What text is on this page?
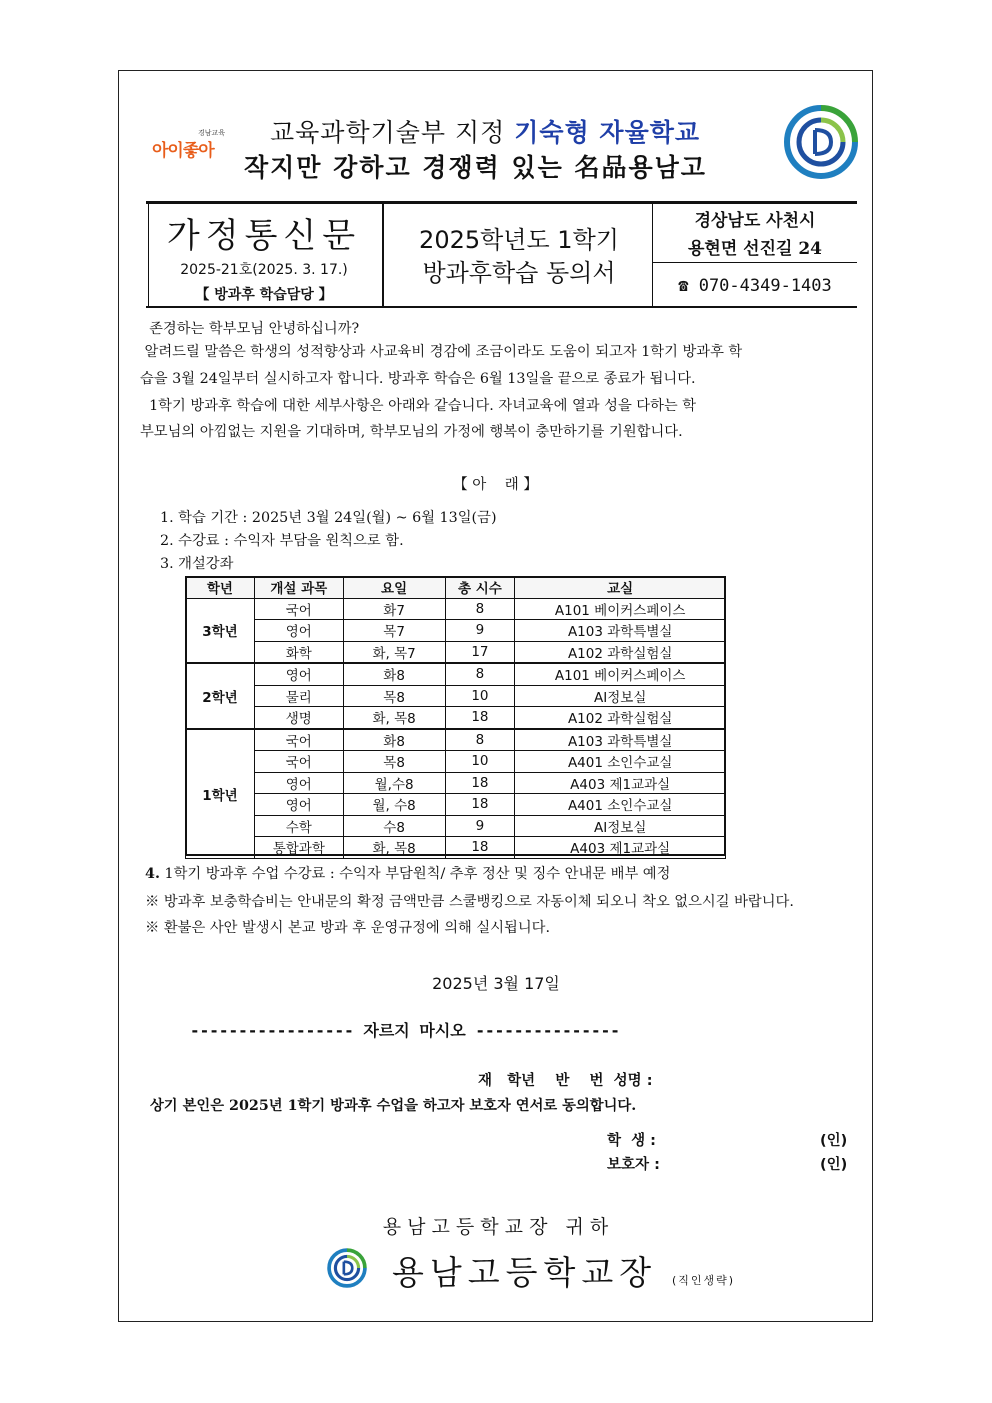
경남교육
아이좋아
교육과학기술부 지정 기숙형 자율학교
작지만 강하고 경쟁력 있는 名品용남고
가정통신문
2025-21호(2025. 3. 17.)
【 방과후 학습담당 】
2025학년도 1학기
방과후학습 동의서
경상남도 사천시
용현면 선진길 24
☎ 070-4349-1403
존경하는 학부모님 안녕하십니까?
알려드릴 말씀은 학생의 성적향상과 사교육비 경감에 조금이라도 도움이 되고자 1학기 방과후 학
습을 3월 24일부터 실시하고자 합니다. 방과후 학습은 6월 13일을 끝으로 종료가 됩니다.
1학기 방과후 학습에 대한 세부사항은 아래와 같습니다. 자녀교육에 열과 성을 다하는 학
부모님의 아낌없는 지원을 기대하며, 학부모님의 가정에 행복이 충만하기를 기원합니다.
【 아    래 】
1. 학습 기간 : 2025년 3월 24일(월) ~ 6월 13일(금)
2. 수강료 : 수익자 부담을 원칙으로 함.
3. 개설강좌
학년	개설 과목	요일	총 시수	교실
3학년	국어	화7	8	A101 베이커스페이스
	영어	목7	9	A103 과학특별실
	화학	화, 목7	17	A102 과학실험실
2학년	영어	화8	8	A101 베이커스페이스
	물리	목8	10	AI정보실
	생명	화, 목8	18	A102 과학실험실
1학년	국어	화8	8	A103 과학특별실
	국어	목8	10	A401 소인수교실
	영어	월,수8	18	A403 제1교과실
	영어	월, 수8	18	A401 소인수교실
	수학	수8	9	AI정보실
	통합과학	화, 목8	18	A403 제1교과실
4. 1학기 방과후 수업 수강료 : 수익자 부담원칙/ 추후 정산 및 징수 안내문 배부 예정
※ 방과후 보충학습비는 안내문의 확정 금액만큼 스쿨뱅킹으로 자동이체 되오니 착오 없으시길 바랍니다.
※ 환불은 사안 발생시 본교 방과 후 운영규정에 의해 실시됩니다.
2025년 3월 17일
----------------- 자르지 마시오 ---------------
재   학년    반    번  성명 :
상기 본인은 2025년 1학기 방과후 수업을 하고자 보호자 연서로 동의합니다.
학  생 :	(인)
보호자 :	(인)
용 남 고 등 학 교 장   귀 하
용남고등학교장 (직인생략)
